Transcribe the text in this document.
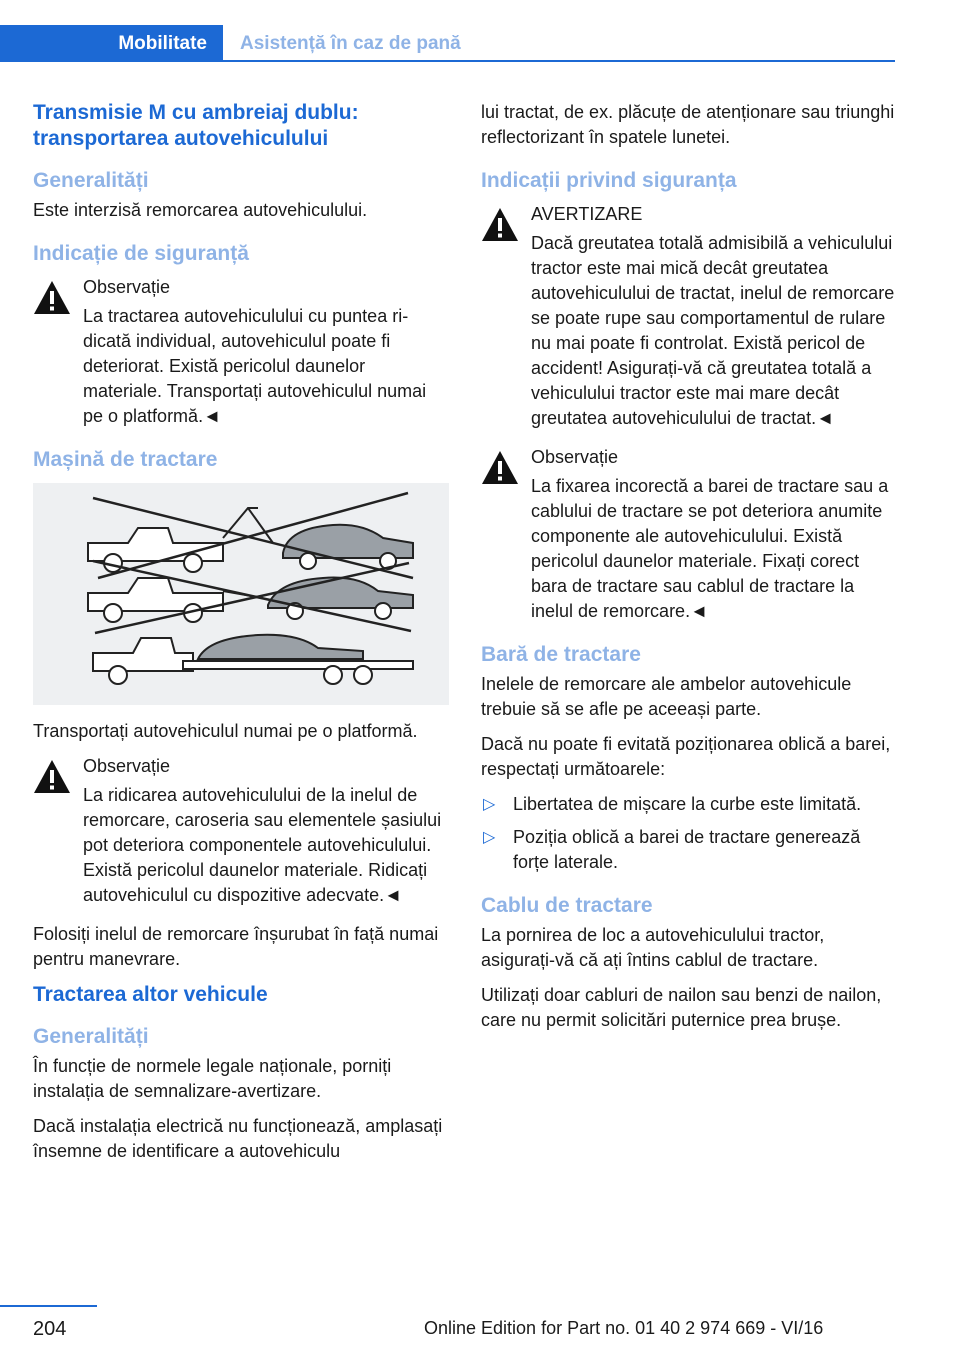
Mobilitate	Asistență în caz de pană
Transmisie M cu ambreiaj dublu: transportarea autovehiculului
Generalități

Este interzisă remorcarea autovehiculului.

Indicație de siguranță
Observație
La tractarea autovehiculului cu puntea ridicată individual, autovehiculul poate fi deteriorat. Există pericolul daunelor materiale. Transportați autovehiculul numai pe o platformă.◄
Mașină de tractare

Transportați autovehiculul numai pe o platformă.

Observație
La ridicarea autovehiculului de la inelul de remorcare, caroseria sau elementele șasiului pot deteriora componentele autovehiculului. Există pericolul daunelor materiale. Ridicați autovehiculul cu dispozitive adecvate.◄

Folosiți inelul de remorcare înșurubat în față numai pentru manevrare.

Tractarea altor vehicule
Generalități

În funcție de normele legale naționale, porniți instalația de semnalizare-avertizare.

Dacă instalația electrică nu funcționează, amplasați însemne de identificare a autovehiculu

lui tractat, de ex. plăcuțe de atenționare sau triunghi reflectorizant în spatele lunetei.

Indicații privind siguranța
AVERTIZARE
Dacă greutatea totală admisibilă a vehiculului tractor este mai mică decât greutatea autovehiculului de tractat, inelul de remorcare se poate rupe sau comportamentul de rulare nu mai poate fi controlat. Există pericol de accident! Asigurați-vă că greutatea totală a vehiculului tractor este mai mare decât greutatea autovehiculului de tractat.◄
Observație
La fixarea incorectă a barei de tractare sau a cablului de tractare se pot deteriora anumite componente ale autovehiculului. Există pericolul daunelor materiale. Fixați corect bara de tractare sau cablul de tractare la inelul de remorcare.◄
Bară de tractare

Inelele de remorcare ale ambelor autovehicule trebuie să se afle pe aceeași parte.

Dacă nu poate fi evitată poziționarea oblică a barei, respectați următoarele:

▷ Libertatea de mișcare la curbe este limitată.
▷ Poziția oblică a barei de tractare generează forțe laterale.
Cablu de tractare

La pornirea de loc a autovehiculului tractor, asigurați-vă că ați întins cablul de tractare.

Utilizați doar cabluri de nailon sau benzi de nailon, care nu permit solicitări puternice prea brușe.

204	Online Edition for Part no. 01 40 2 974 669 - VI/16
